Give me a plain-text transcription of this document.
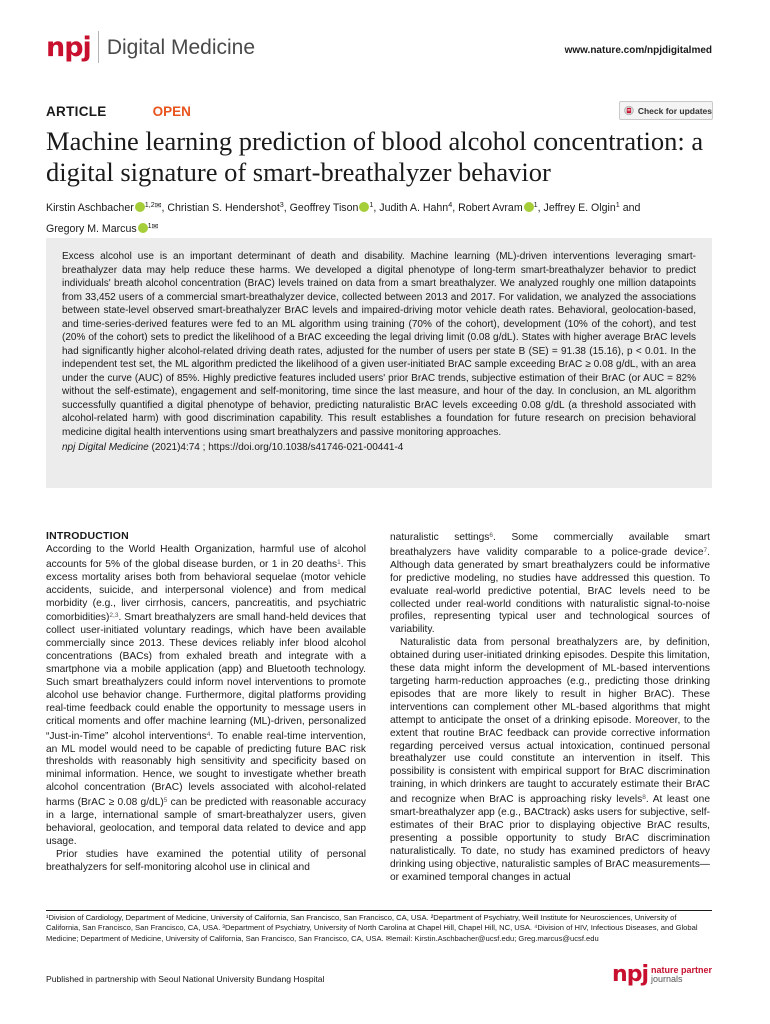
npj Digital Medicine	www.nature.com/npjdigitalmed
ARTICLE	OPEN	Check for updates
Machine learning prediction of blood alcohol concentration: a digital signature of smart-breathalyzer behavior
Kirstin Aschbacher $^{1,2✉}$, Christian S. Hendershot$^3$, Geoffrey Tison $^1$, Judith A. Hahn$^4$, Robert Avram $^1$, Jeffrey E. Olgin$^1$ and
Gregory M. Marcus $^{1✉}$

Excess alcohol use is an important determinant of death and disability. Machine learning (ML)-driven interventions leveraging smart-breathalyzer data may help reduce these harms. We developed a digital phenotype of long-term smart-breathalyzer behavior to predict individuals' breath alcohol concentration (BrAC) levels trained on data from a smart breathalyzer. We analyzed roughly one million datapoints from 33,452 users of a commercial smart-breathalyzer device, collected between 2013 and 2017. For validation, we analyzed the associations between state-level observed smart-breathalyzer BrAC levels and impaired-driving motor vehicle death rates. Behavioral, geolocation-based, and time-series-derived features were fed to an ML algorithm using training (70% of the cohort), development (10% of the cohort), and test (20% of the cohort) sets to predict the likelihood of a BrAC exceeding the legal driving limit (0.08 g/dL). States with higher average BrAC levels had significantly higher alcohol-related driving death rates, adjusted for the number of users per state B (SE) = 91.38 (15.16), p < 0.01. In the independent test set, the ML algorithm predicted the likelihood of a given user-initiated BrAC sample exceeding BrAC ≥ 0.08 g/dL, with an area under the curve (AUC) of 85%. Highly predictive features included users' prior BrAC trends, subjective estimation of their BrAC (or AUC = 82% without the self-estimate), engagement and self-monitoring, time since the last measure, and hour of the day. In conclusion, an ML algorithm successfully quantified a digital phenotype of behavior, predicting naturalistic BrAC levels exceeding 0.08 g/dL (a threshold associated with alcohol-related harm) with good discrimination capability. This result establishes a foundation for future research on precision behavioral medicine digital health interventions using smart breathalyzers and passive monitoring approaches.

npj Digital Medicine (2021)4:74 ; https://doi.org/10.1038/s41746-021-00441-4
INTRODUCTION

According to the World Health Organization, harmful use of alcohol accounts for 5% of the global disease burden, or 1 in 20 deaths$^1$. This excess mortality arises both from behavioral sequelae (motor vehicle accidents, suicide, and interpersonal violence) and from medical morbidity (e.g., liver cirrhosis, cancers, pancreatitis, and psychiatric comorbidities)$^{2,3}$. Smart breathalyzers are small hand-held devices that collect user-initiated voluntary readings, which have been available commercially since 2013. These devices reliably infer blood alcohol concentrations (BACs) from exhaled breath and integrate with a smartphone via a mobile application (app) and Bluetooth technology. Such smart breathalyzers could inform novel interventions to promote alcohol use behavior change. Furthermore, digital platforms providing real-time feedback could enable the opportunity to message users in critical moments and offer machine learning (ML)-driven, personalized “Just-in-Time” alcohol interventions$^4$. To enable real-time intervention, an ML model would need to be capable of predicting future BAC risk thresholds with reasonably high sensitivity and specificity based on minimal information. Hence, we sought to investigate whether breath alcohol concentration (BrAC) levels associated with alcohol-related harms (BrAC ≥ 0.08 g/dL)$^5$ can be predicted with reasonable accuracy in a large, international sample of smart-breathalyzer users, given behavioral, geolocation, and temporal data related to device and app usage.

Prior studies have examined the potential utility of personal breathalyzers for self-monitoring alcohol use in clinical and

naturalistic settings$^6$. Some commercially available smart breathalyzers have validity comparable to a police-grade device$^7$. Although data generated by smart breathalyzers could be informative for predictive modeling, no studies have addressed this question. To evaluate real-world predictive potential, BrAC levels need to be collected under real-world conditions with naturalistic signal-to-noise profiles, representing typical user and technological sources of variability.

Naturalistic data from personal breathalyzers are, by definition, obtained during user-initiated drinking episodes. Despite this limitation, these data might inform the development of ML-based interventions targeting harm-reduction approaches (e.g., predicting those drinking episodes that are more likely to result in higher BrAC). These interventions can complement other ML-based algorithms that might attempt to anticipate the onset of a drinking episode. Moreover, to the extent that routine BrAC feedback can provide corrective information regarding perceived versus actual intoxication, continued personal breathalyzer use could constitute an intervention in itself. This possibility is consistent with empirical support for BrAC discrimination training, in which drinkers are taught to accurately estimate their BrAC and recognize when BrAC is approaching risky levels$^8$. At least one smart-breathalyzer app (e.g., BACtrack) asks users for subjective, self-estimates of their BrAC prior to displaying objective BrAC results, presenting a possible opportunity to study BrAC discrimination naturalistically. To date, no study has examined predictors of heavy drinking using objective, naturalistic samples of BrAC measurements—or examined temporal changes in actual

¹Division of Cardiology, Department of Medicine, University of California, San Francisco, San Francisco, CA, USA. ²Department of Psychiatry, Weill Institute for Neurosciences, University of California, San Francisco, San Francisco, CA, USA. ³Department of Psychiatry, University of North Carolina at Chapel Hill, Chapel Hill, NC, USA. ⁴Division of HIV, Infectious Diseases, and Global Medicine; Department of Medicine, University of California, San Francisco, San Francisco, CA, USA. ✉email: Kirstin.Aschbacher@ucsf.edu; Greg.marcus@ucsf.edu
Published in partnership with Seoul National University Bundang Hospital	npj nature partner
journals
